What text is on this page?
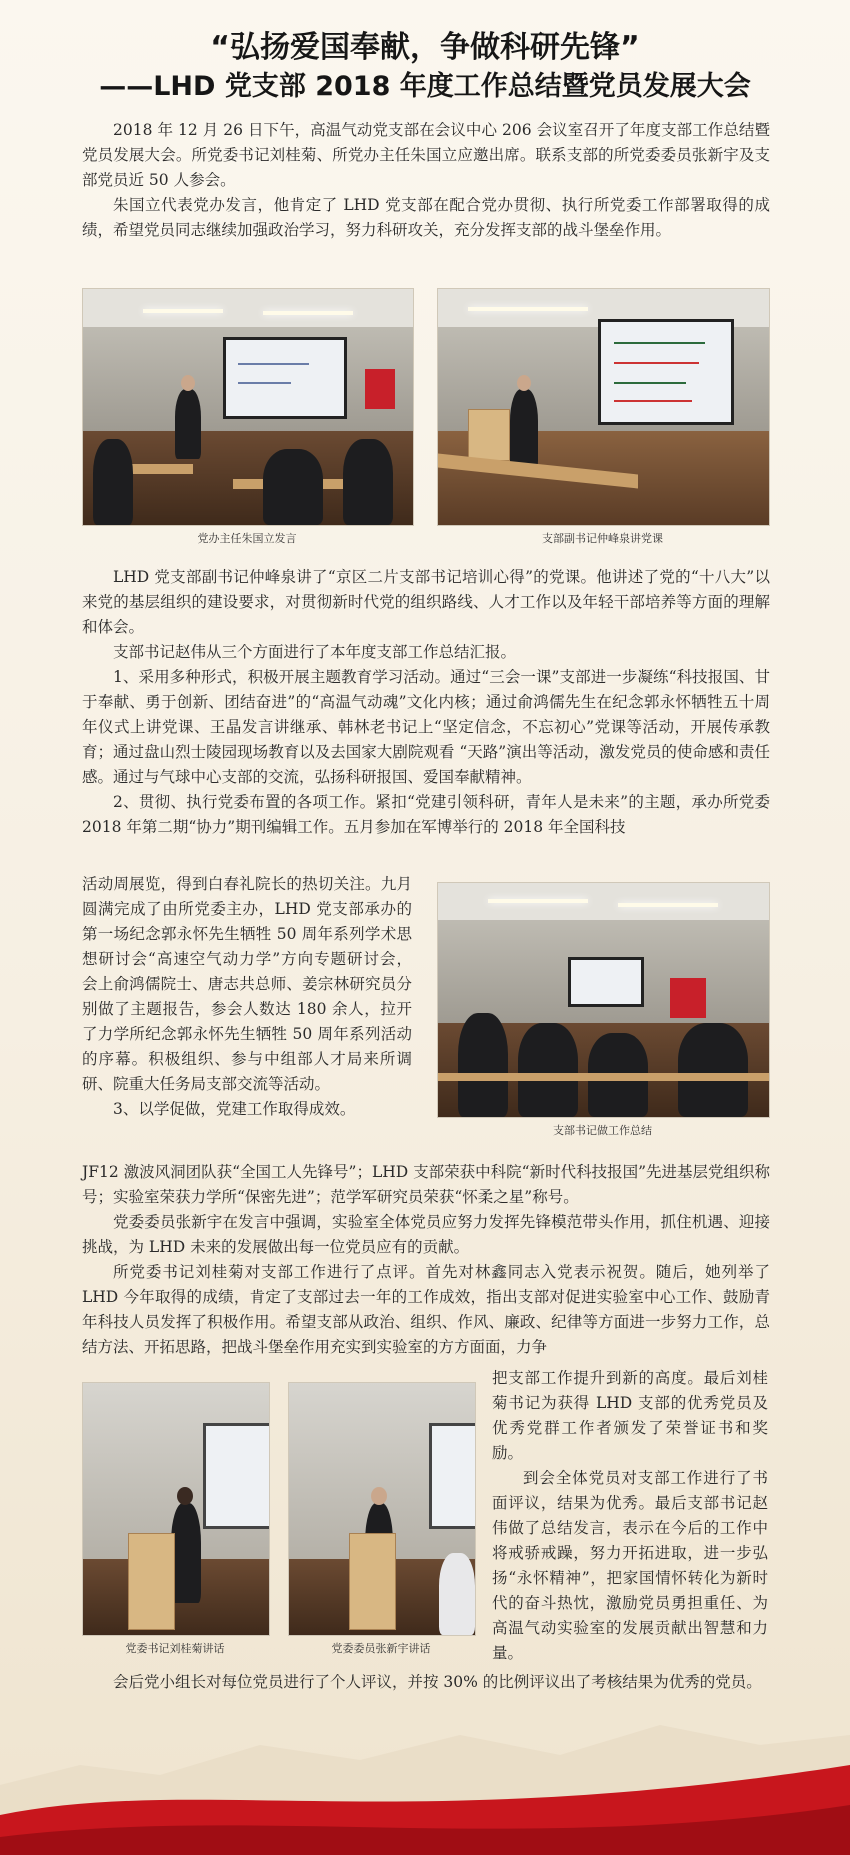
“弘扬爱国奉献，争做科研先锋”
——LHD 党支部 2018 年度工作总结暨党员发展大会

2018 年 12 月 26 日下午，高温气动党支部在会议中心 206 会议室召开了年度支部工作总结暨党员发展大会。所党委书记刘桂菊、所党办主任朱国立应邀出席。联系支部的所党委委员张新宇及支部党员近 50 人参会。

朱国立代表党办发言，他肯定了 LHD 党支部在配合党办贯彻、执行所党委工作部署取得的成绩，希望党员同志继续加强政治学习，努力科研攻关，充分发挥支部的战斗堡垒作用。

党办主任朱国立发言	支部副书记仲峰泉讲党课

LHD 党支部副书记仲峰泉讲了“京区二片支部书记培训心得”的党课。他讲述了党的“十八大”以来党的基层组织的建设要求，对贯彻新时代党的组织路线、人才工作以及年轻干部培养等方面的理解和体会。

支部书记赵伟从三个方面进行了本年度支部工作总结汇报。

1、采用多种形式，积极开展主题教育学习活动。通过“三会一课”支部进一步凝练“科技报国、甘于奉献、勇于创新、团结奋进”的“高温气动魂”文化内核；通过俞鸿儒先生在纪念郭永怀牺牲五十周年仪式上讲党课、王晶发言讲继承、韩林老书记上“坚定信念，不忘初心”党课等活动，开展传承教育；通过盘山烈士陵园现场教育以及去国家大剧院观看 “天路”演出等活动，激发党员的使命感和责任感。通过与气球中心支部的交流，弘扬科研报国、爱国奉献精神。

2、贯彻、执行党委布置的各项工作。紧扣“党建引领科研，青年人是未来”的主题，承办所党委 2018 年第二期“协力”期刊编辑工作。五月参加在军博举行的 2018 年全国科技

活动周展览，得到白春礼院长的热切关注。九月圆满完成了由所党委主办，LHD 党支部承办的第一场纪念郭永怀先生牺牲 50 周年系列学术思想研讨会“高速空气动力学”方向专题研讨会， 会上俞鸿儒院士、唐志共总师、姜宗林研究员分别做了主题报告，参会人数达 180 余人，拉开了力学所纪念郭永怀先生牺牲 50 周年系列活动的序幕。积极组织、参与中组部人才局来所调研、院重大任务局支部交流等活动。

3、以学促做，党建工作取得成效。

支部书记做工作总结

JF12 激波风洞团队获“全国工人先锋号”；LHD 支部荣获中科院“新时代科技报国”先进基层党组织称号；实验室荣获力学所“保密先进”；范学军研究员荣获“怀柔之星”称号。

党委委员张新宇在发言中强调，实验室全体党员应努力发挥先锋模范带头作用，抓住机遇、迎接挑战，为 LHD 未来的发展做出每一位党员应有的贡献。

所党委书记刘桂菊对支部工作进行了点评。首先对林鑫同志入党表示祝贺。随后，她列举了 LHD 今年取得的成绩，肯定了支部过去一年的工作成效，指出支部对促进实验室中心工作、鼓励青年科技人员发挥了积极作用。希望支部从政治、组织、作风、廉政、纪律等方面进一步努力工作，总结方法、开拓思路，把战斗堡垒作用充实到实验室的方方面面，力争

党委书记刘桂菊讲话	党委委员张新宇讲话

把支部工作提升到新的高度。最后刘桂菊书记为获得 LHD 支部的优秀党员及优秀党群工作者颁发了荣誉证书和奖励。

到会全体党员对支部工作进行了书面评议，结果为优秀。最后支部书记赵伟做了总结发言，表示在今后的工作中将戒骄戒躁，努力开拓进取，进一步弘扬“永怀精神”，把家国情怀转化为新时代的奋斗热忱，激励党员勇担重任、为高温气动实验室的发展贡献出智慧和力量。

会后党小组长对每位党员进行了个人评议，并按 30% 的比例评议出了考核结果为优秀的党员。
